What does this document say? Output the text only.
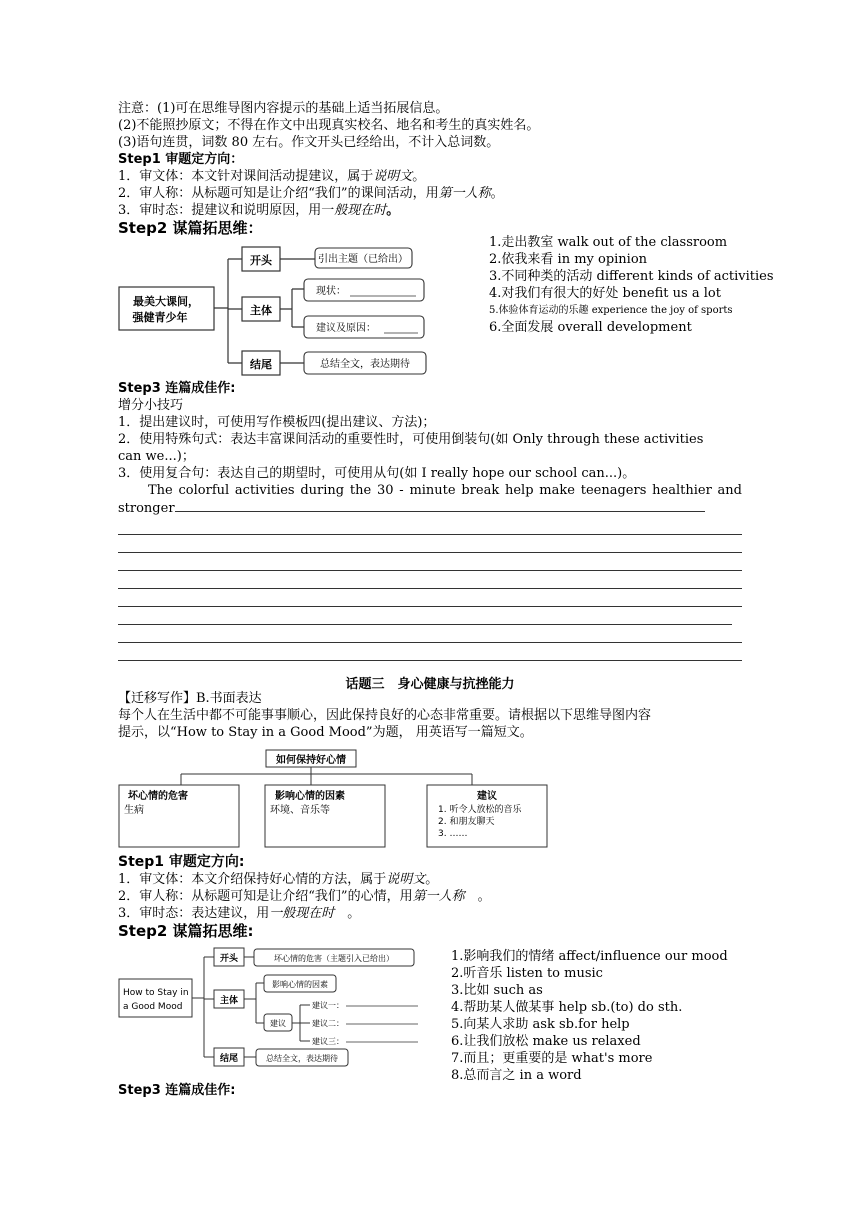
注意：(1)可在思维导图内容提示的基础上适当拓展信息。
(2)不能照抄原文；不得在作文中出现真实校名、地名和考生的真实姓名。
(3)语句连贯，词数 80 左右。作文开头已经给出，不计入总词数。
Step1 审题定方向：
1．审文体：本文针对课间活动提建议，属于说明文。
2．审人称：从标题可知是让介绍“我们”的课间活动，用第一人称。
3．审时态：提建议和说明原因，用一般现在时。
Step2 谋篇拓思维：
最美大课间，
强健青少年
开头
主体
结尾
引出主题（已给出）
现状：
建议及原因：
总结全文，表达期待
1.走出教室 walk out of the classroom
2.依我来看 in my opinion
3.不同种类的活动 different kinds of activities
4.对我们有很大的好处 benefit us a lot
5.体验体育运动的乐趣 experience the joy of sports
6.全面发展 overall development
Step3 连篇成佳作:
增分小技巧
1．提出建议时，可使用写作模板四(提出建议、方法)；
2．使用特殊句式：表达丰富课间活动的重要性时，可使用倒装句(如 Only through these activities
can we...)；
3．使用复合句：表达自己的期望时，可使用从句(如 I really hope our school can...)。
The colorful activities during the 30 - minute break help make teenagers healthier and
stronger
话题三　身心健康与抗挫能力
【迁移写作】B.书面表达
每个人在生活中都不可能事事顺心，因此保持良好的心态非常重要。请根据以下思维导图内容
提示，以“How to Stay in a Good Mood”为题， 用英语写一篇短文。
如何保持好心情
坏心情的危害
生病
影响心情的因素
环境、音乐等
建议
1. 听令人放松的音乐
2. 和朋友聊天
3. ……
Step1 审题定方向:
1．审文体：本文介绍保持好心情的方法，属于说明文。
2．审人称：从标题可知是让介绍“我们”的心情，用第一人称　。
3．审时态：表达建议，用一般现在时　。
Step2 谋篇拓思维:
How to Stay in
a Good Mood
开头
主体
结尾
坏心情的危害（主题引入已给出）
影响心情的因素
建议
建议一：
建议二：
建议三：
总结全文，表达期待
1.影响我们的情绪 affect/influence our mood
2.听音乐 listen to music
3.比如 such as
4.帮助某人做某事 help sb.(to) do sth.
5.向某人求助 ask sb.for help
6.让我们放松 make us relaxed
7.而且；更重要的是 what's more
8.总而言之 in a word
Step3 连篇成佳作:
